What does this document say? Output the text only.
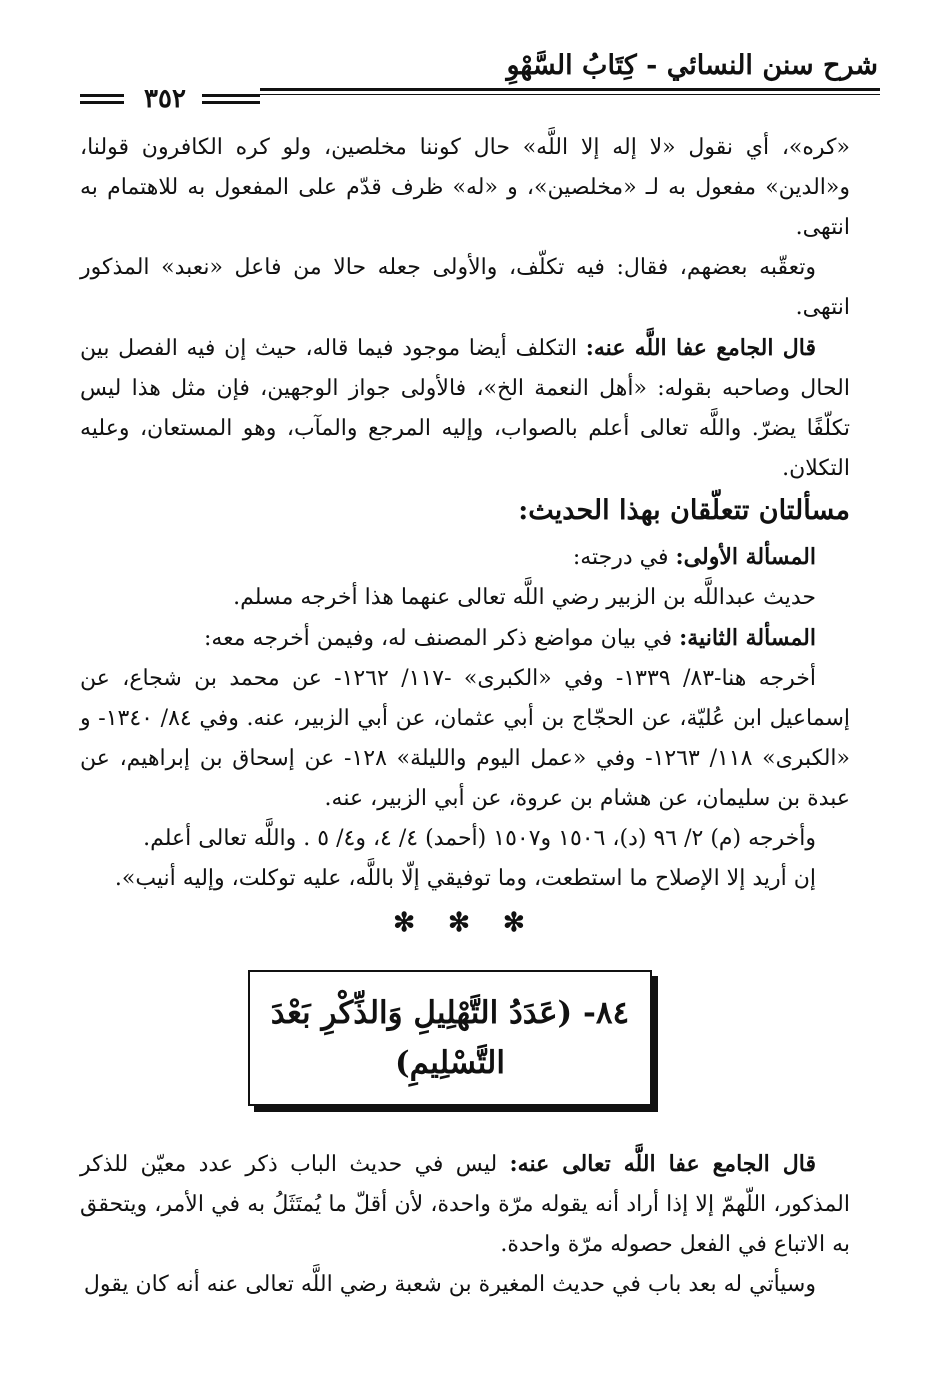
شرح سنن النسائي - كِتَابُ السَّهْوِ
٣٥٢

«كره»، أي نقول «لا إله إلا اللَّه» حال كوننا مخلصين، ولو كره الكافرون قولنا، و«الدين» مفعول به لـ «مخلصين»، و «له» ظرف قدّم على المفعول به للاهتمام به انتهى.

وتعقّبه بعضهم، فقال: فيه تكلّف، والأولى جعله حالا من فاعل «نعبد» المذكور انتهى.

قال الجامع عفا اللَّه عنه: التكلف أيضا موجود فيما قاله، حيث إن فيه الفصل بين الحال وصاحبه بقوله: «أهل النعمة الخ»، فالأولى جواز الوجهين، فإن مثل هذا ليس تكلّفًا يضرّ. واللَّه تعالى أعلم بالصواب، وإليه المرجع والمآب، وهو المستعان، وعليه التكلان.

مسألتان تتعلّقان بهذا الحديث:

المسألة الأولى: في درجته:

حديث عبداللَّه بن الزبير رضي اللَّه تعالى عنهما هذا أخرجه مسلم.

المسألة الثانية: في بيان مواضع ذكر المصنف له، وفيمن أخرجه معه:

أخرجه هنا-٨٣/ ١٣٣٩- وفي «الكبرى» -١١٧/ ١٢٦٢- عن محمد بن شجاع، عن إسماعيل ابن عُليّة، عن الحجّاج بن أبي عثمان، عن أبي الزبير، عنه. وفي ٨٤/ ١٣٤٠- و «الكبرى» ١١٨/ ١٢٦٣- وفي «عمل اليوم والليلة» ١٢٨- عن إسحاق بن إبراهيم، عن عبدة بن سليمان، عن هشام بن عروة، عن أبي الزبير، عنه.

وأخرجه (م) ٢/ ٩٦ (د)، ١٥٠٦ و١٥٠٧ (أحمد) ٤/ ٤، و٤/ ٥ . واللَّه تعالى أعلم.

إن أريد إلا الإصلاح ما استطعت، وما توفيقي إلّا باللَّه، عليه توكلت، وإليه أنيب».

✻ ✻ ✻

٨٤- (عَدَدُ التَّهْلِيلِ وَالذِّكْرِ بَعْدَ التَّسْلِيمِ)

قال الجامع عفا اللَّه تعالى عنه: ليس في حديث الباب ذكر عدد معيّن للذكر المذكور، اللّهمّ إلا إذا أراد أنه يقوله مرّة واحدة، لأن أقلّ ما يُمتَثَلُ به في الأمر، ويتحقق به الاتباع في الفعل حصوله مرّة واحدة.

وسيأتي له بعد باب في حديث المغيرة بن شعبة رضي اللَّه تعالى عنه أنه كان يقول
